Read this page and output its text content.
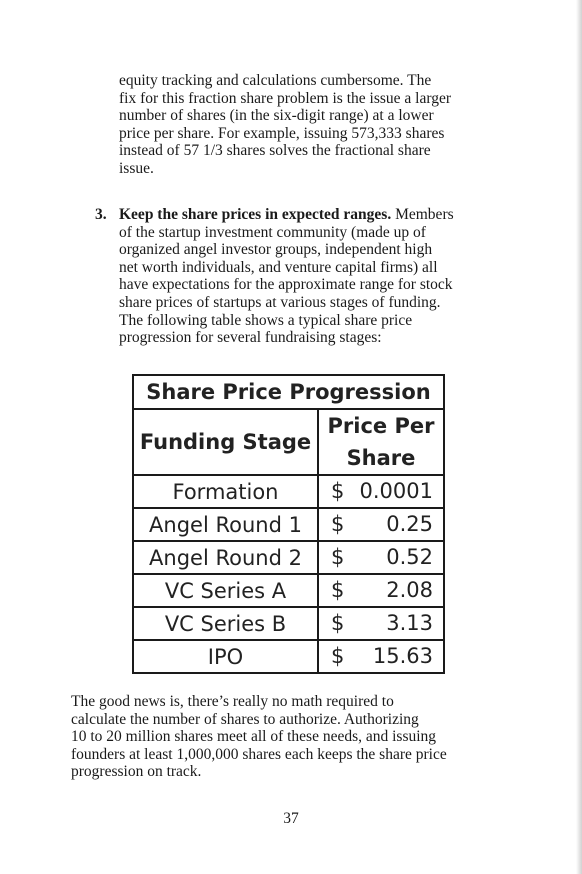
equity tracking and calculations cumbersome. The
fix for this fraction share problem is the issue a larger
number of shares (in the six-digit range) at a lower
price per share. For example, issuing 573,333 shares
instead of 57 1/3 shares solves the fractional share
issue.

3. Keep the share prices in expected ranges. Members
of the startup investment community (made up of
organized angel investor groups, independent high
net worth individuals, and venture capital firms) all
have expectations for the approximate range for stock
share prices of startups at various stages of funding.
The following table shows a typical share price
progression for several fundraising stages:

Share Price Progression	
Funding Stage	Price Per
	Share
Formation	$ 0.0001

Angel Round 1	$ 0.25

Angel Round 2	$ 0.52

VC Series A	$ 2.08

VC Series B	$ 3.13

IPO	$ 15.63

The good news is, there’s really no math required to
calculate the number of shares to authorize. Authorizing
10 to 20 million shares meet all of these needs, and issuing
founders at least 1,000,000 shares each keeps the share price
progression on track.

37
